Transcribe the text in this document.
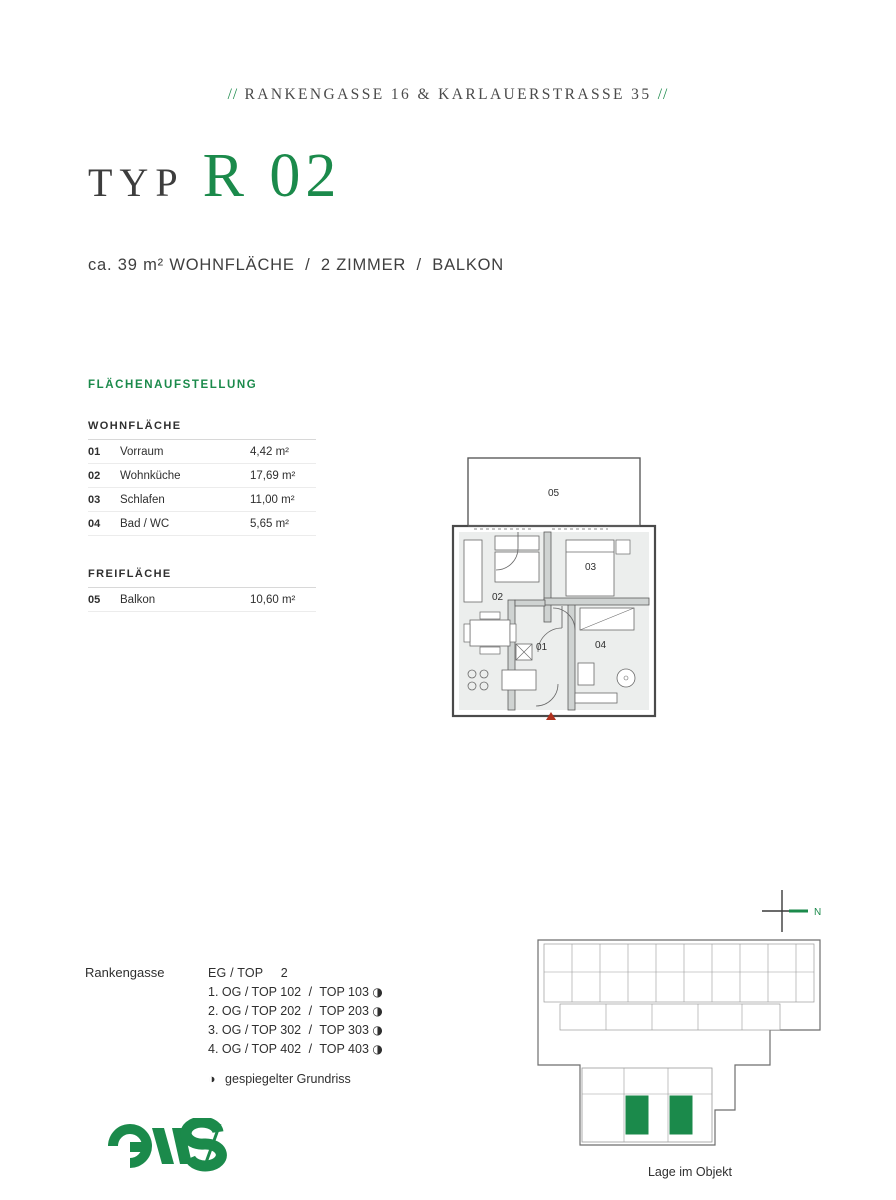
// RANKENGASSE 16 & KARLAUERSTRASSE 35 //
TYP R 02
ca. 39 m² WOHNFLÄCHE / 2 ZIMMER / BALKON
FLÄCHENAUFSTELLUNG
WOHNFLÄCHE
01	Vorraum	4,42 m²
02	Wohnküche	17,69 m²
03	Schlafen	11,00 m²
04	Bad / WC	5,65 m²
FREIFLÄCHE
05	Balkon	10,60 m²	02
03
01	04
05
Rankengasse	EG / TOP 2
1. OG / TOP 102 / TOP 103 ◑
2. OG / TOP 202 / TOP 203 ◑
3. OG / TOP 302 / TOP 303 ◑
4. OG / TOP 402 / TOP 403 ◑
◑ gespiegelter Grundriss
N
Lage im Objekt
